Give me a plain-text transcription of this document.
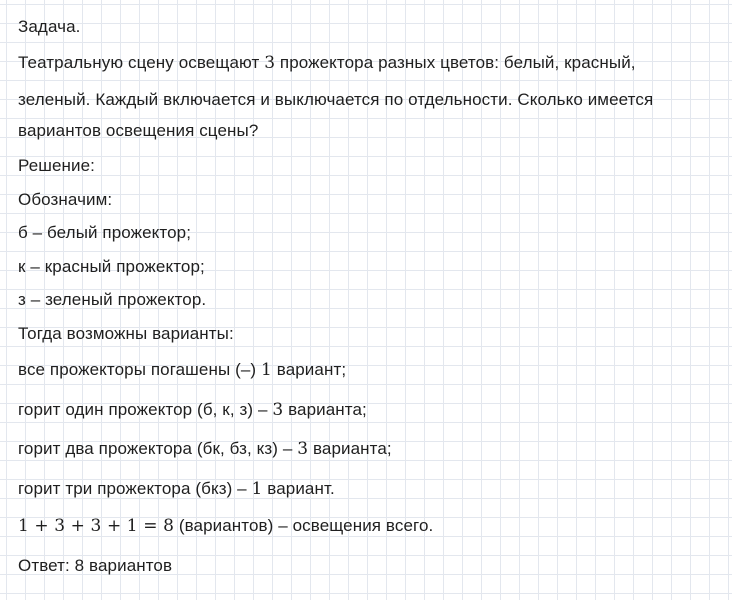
Задача.
Театральную сцену освещают 3 прожектора разных цветов: белый, красный,
зеленый. Каждый включается и выключается по отдельности. Сколько имеется
вариантов освещения сцены?
Решение:
Обозначим:
б – белый прожектор;
к – красный прожектор;
з – зеленый прожектор.
Тогда возможны варианты:
все прожекторы погашены (–) 1 вариант;
горит один прожектор (б, к, з) – 3 варианта;
горит два прожектора (бк, бз, кз) – 3 варианта;
горит три прожектора (бкз) – 1 вариант.
1 + 3 + 3 + 1 = 8 (вариантов) – освещения всего.
Ответ: 8 вариантов
